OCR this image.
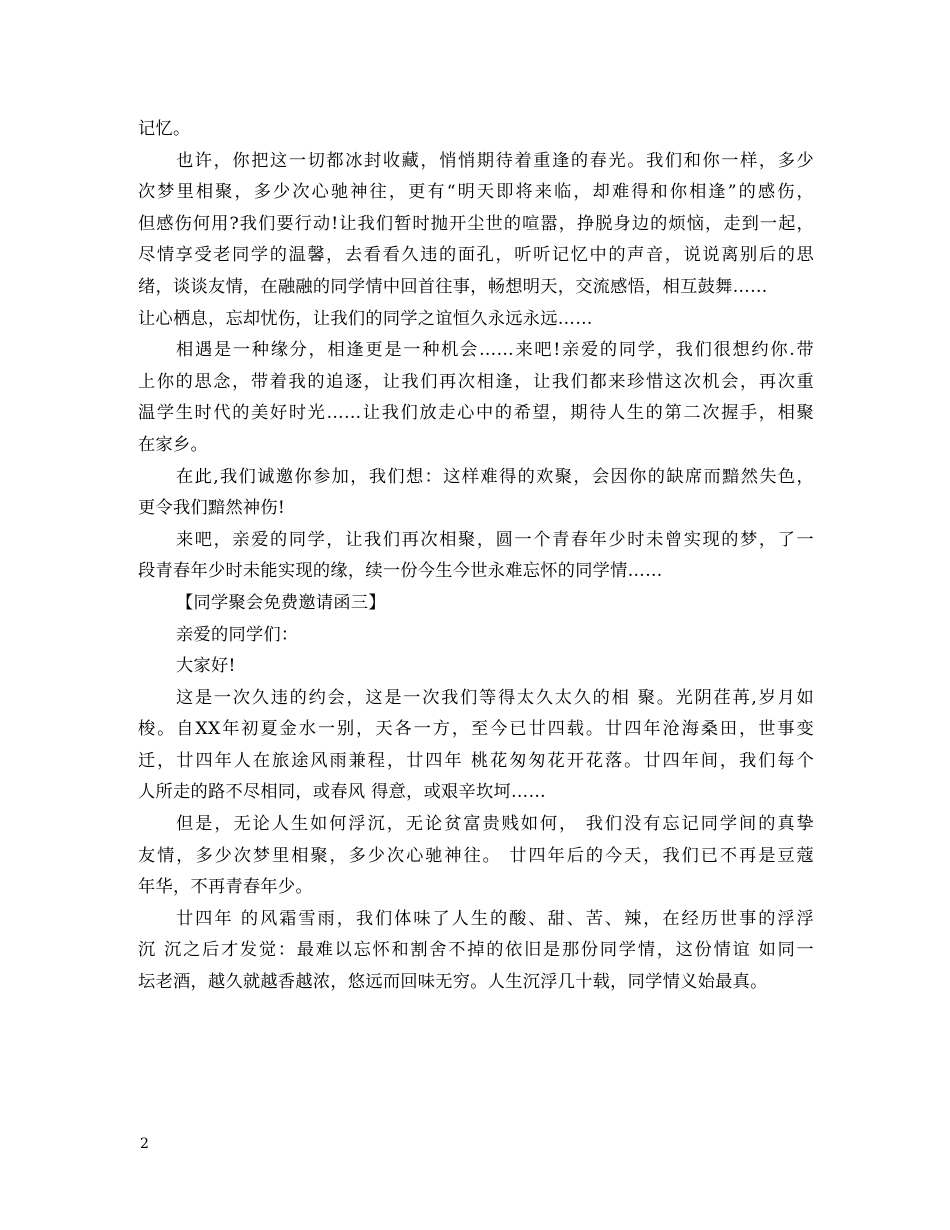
记忆。
也许，你把这一切都冰封收藏，悄悄期待着重逢的春光。我们和你一样，多少
次梦里相聚，多少次心驰神往，更有“明天即将来临，却难得和你相逢”的感伤，
但感伤何用?我们要行动!让我们暂时抛开尘世的喧嚣，挣脱身边的烦恼，走到一起，
尽情享受老同学的温馨，去看看久违的面孔，听听记忆中的声音，说说离别后的思
绪，谈谈友情，在融融的同学情中回首往事，畅想明天，交流感悟，相互鼓舞……
让心栖息，忘却忧伤，让我们的同学之谊恒久永远永远……
相遇是一种缘分，相逢更是一种机会……来吧!亲爱的同学，我们很想约你.带
上你的思念，带着我的追逐，让我们再次相逢，让我们都来珍惜这次机会，再次重
温学生时代的美好时光……让我们放走心中的希望，期待人生的第二次握手，相聚
在家乡。
在此,我们诚邀你参加，我们想：这样难得的欢聚，会因你的缺席而黯然失色，
更令我们黯然神伤!
来吧，亲爱的同学，让我们再次相聚，圆一个青春年少时未曾实现的梦，了一
段青春年少时未能实现的缘，续一份今生今世永难忘怀的同学情……
【同学聚会免费邀请函三】
亲爱的同学们：
大家好!
这是一次久违的约会，这是一次我们等得太久太久的相 聚。光阴荏苒,岁月如
梭。自XX年初夏金水一别，天各一方，至今已廿四载。廿四年沧海桑田，世事变
迁，廿四年人在旅途风雨兼程，廿四年 桃花匆匆花开花落。廿四年间，我们每个
人所走的路不尽相同，或春风 得意，或艰辛坎坷……
但是，无论人生如何浮沉，无论贫富贵贱如何， 我们没有忘记同学间的真挚
友情，多少次梦里相聚，多少次心驰神往。 廿四年后的今天，我们已不再是豆蔻
年华，不再青春年少。
廿四年 的风霜雪雨，我们体味了人生的酸、甜、苦、辣，在经历世事的浮浮
沉 沉之后才发觉：最难以忘怀和割舍不掉的依旧是那份同学情，这份情谊 如同一
坛老酒，越久就越香越浓，悠远而回味无穷。人生沉浮几十载，同学情义始最真。
2
